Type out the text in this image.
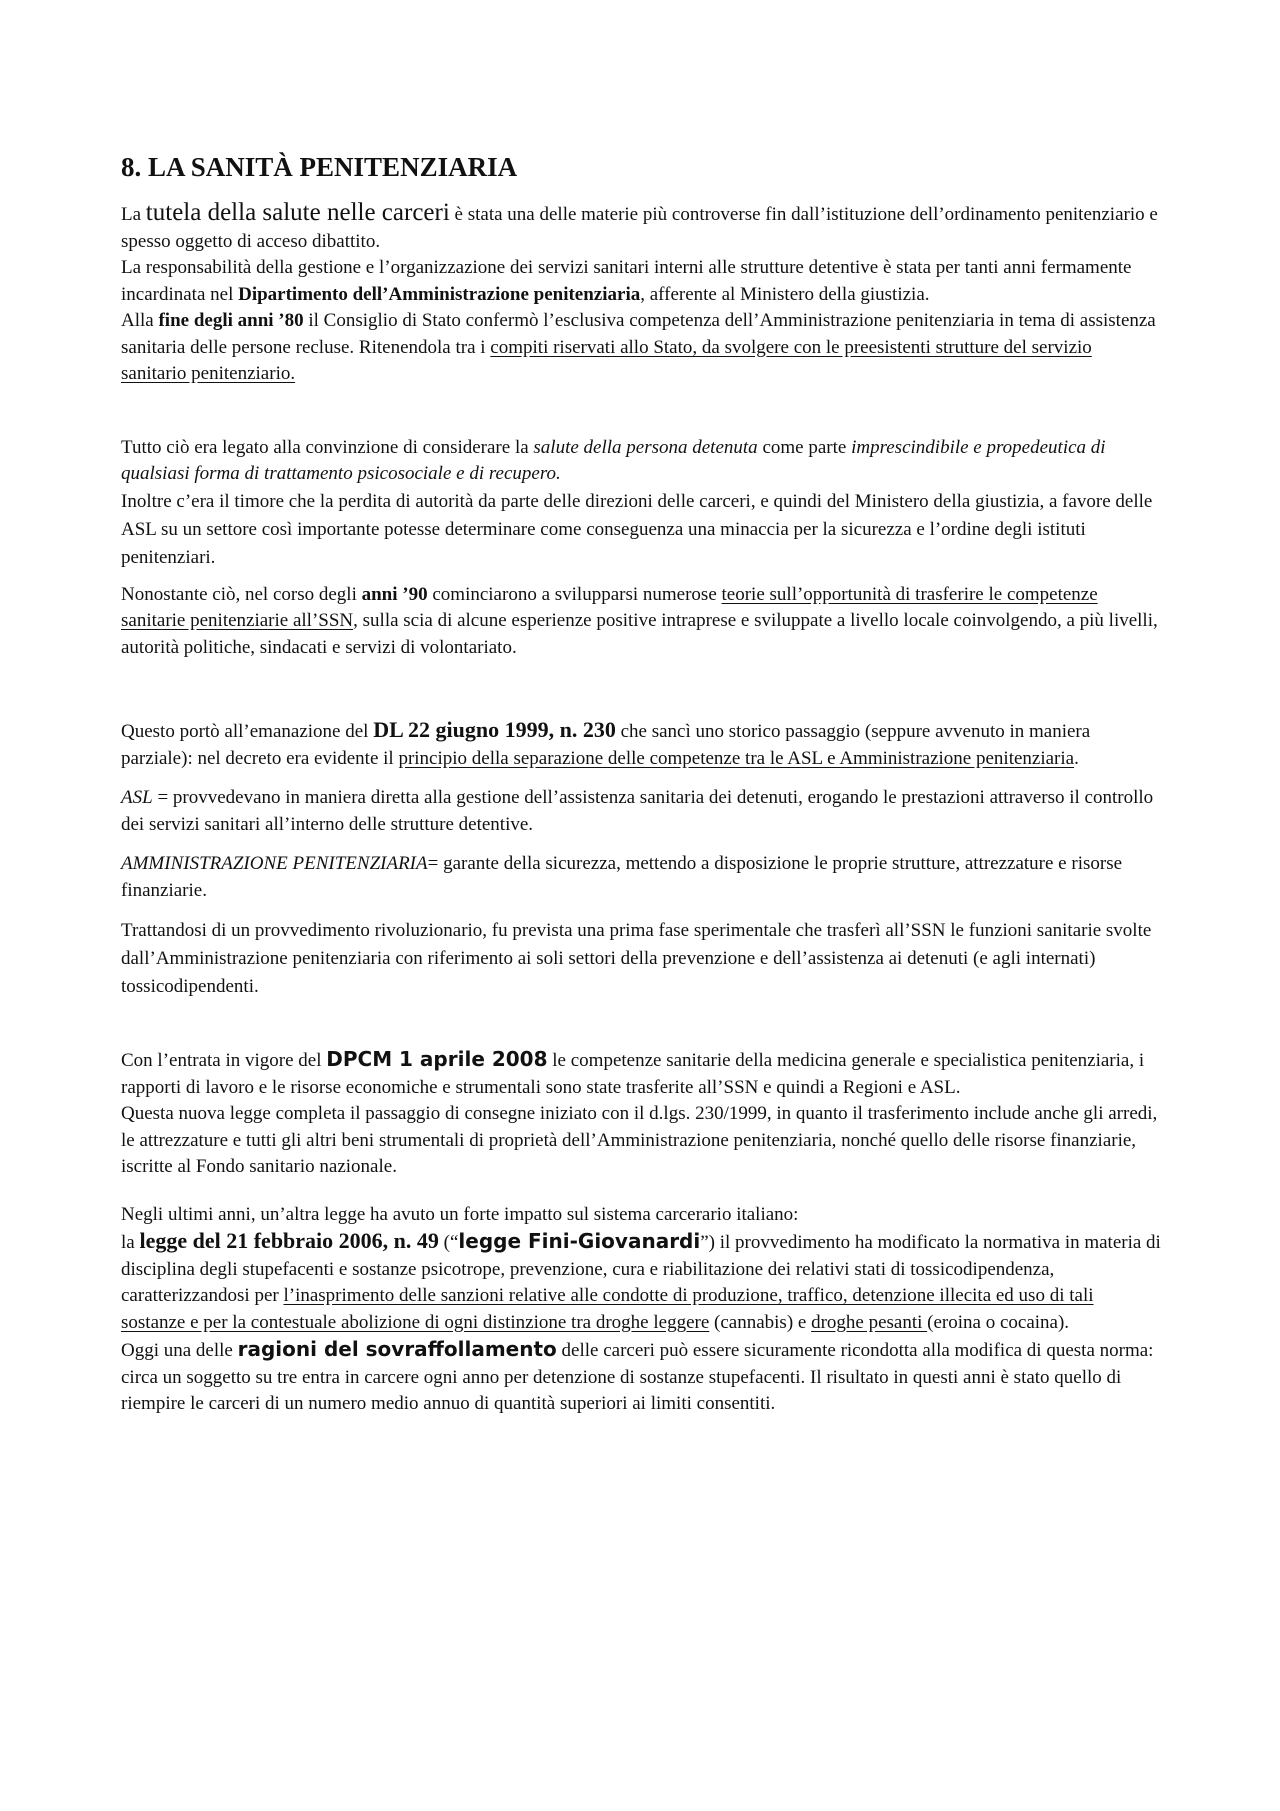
8. LA SANITÀ PENITENZIARIA

La tutela della salute nelle carceri è stata una delle materie più controverse fin dall’istituzione dell’ordinamento penitenziario e spesso oggetto di acceso dibattito.

La responsabilità della gestione e l’organizzazione dei servizi sanitari interni alle strutture detentive è stata per tanti anni fermamente incardinata nel Dipartimento dell’Amministrazione penitenziaria, afferente al Ministero della giustizia.

Alla fine degli anni ’80 il Consiglio di Stato confermò l’esclusiva competenza dell’Amministrazione penitenziaria in tema di assistenza sanitaria delle persone recluse. Ritenendola tra i compiti riservati allo Stato, da svolgere con le preesistenti strutture del servizio sanitario penitenziario.

Tutto ciò era legato alla convinzione di considerare la salute della persona detenuta come parte imprescindibile e propedeutica di qualsiasi forma di trattamento psicosociale e di recupero.

Inoltre c’era il timore che la perdita di autorità da parte delle direzioni delle carceri, e quindi del Ministero della giustizia, a favore delle ASL su un settore così importante potesse determinare come conseguenza una minaccia per la sicurezza e l’ordine degli istituti penitenziari.

Nonostante ciò, nel corso degli anni ’90 cominciarono a svilupparsi numerose teorie sull’opportunità di trasferire le competenze sanitarie penitenziarie all’SSN, sulla scia di alcune esperienze positive intraprese e sviluppate a livello locale coinvolgendo, a più livelli, autorità politiche, sindacati e servizi di volontariato.

Questo portò all’emanazione del DL 22 giugno 1999, n. 230 che sancì uno storico passaggio (seppure avvenuto in maniera parziale): nel decreto era evidente il principio della separazione delle competenze tra le ASL e Amministrazione penitenziaria.

ASL = provvedevano in maniera diretta alla gestione dell’assistenza sanitaria dei detenuti, erogando le prestazioni attraverso il controllo dei servizi sanitari all’interno delle strutture detentive.

AMMINISTRAZIONE PENITENZIARIA= garante della sicurezza, mettendo a disposizione le proprie strutture, attrezzature e risorse finanziarie.

Trattandosi di un provvedimento rivoluzionario, fu prevista una prima fase sperimentale che trasferì all’SSN le funzioni sanitarie svolte dall’Amministrazione penitenziaria con riferimento ai soli settori della prevenzione e dell’assistenza ai detenuti (e agli internati) tossicodipendenti.

Con l’entrata in vigore del DPCM 1 aprile 2008 le competenze sanitarie della medicina generale e specialistica penitenziaria, i rapporti di lavoro e le risorse economiche e strumentali sono state trasferite all’SSN e quindi a Regioni e ASL.

Questa nuova legge completa il passaggio di consegne iniziato con il d.lgs. 230/1999, in quanto il trasferimento include anche gli arredi, le attrezzature e tutti gli altri beni strumentali di proprietà dell’Amministrazione penitenziaria, nonché quello delle risorse finanziarie, iscritte al Fondo sanitario nazionale.

Negli ultimi anni, un’altra legge ha avuto un forte impatto sul sistema carcerario italiano:

la legge del 21 febbraio 2006, n. 49 (“legge Fini-Giovanardi”) il provvedimento ha modificato la normativa in materia di disciplina degli stupefacenti e sostanze psicotrope, prevenzione, cura e riabilitazione dei relativi stati di tossicodipendenza, caratterizzandosi per l’inasprimento delle sanzioni relative alle condotte di produzione, traffico, detenzione illecita ed uso di tali sostanze e per la contestuale abolizione di ogni distinzione tra droghe leggere (cannabis) e droghe pesanti (eroina o cocaina).

Oggi una delle ragioni del sovraffollamento delle carceri può essere sicuramente ricondotta alla modifica di questa norma: circa un soggetto su tre entra in carcere ogni anno per detenzione di sostanze stupefacenti. Il risultato in questi anni è stato quello di riempire le carceri di un numero medio annuo di quantità superiori ai limiti consentiti.
